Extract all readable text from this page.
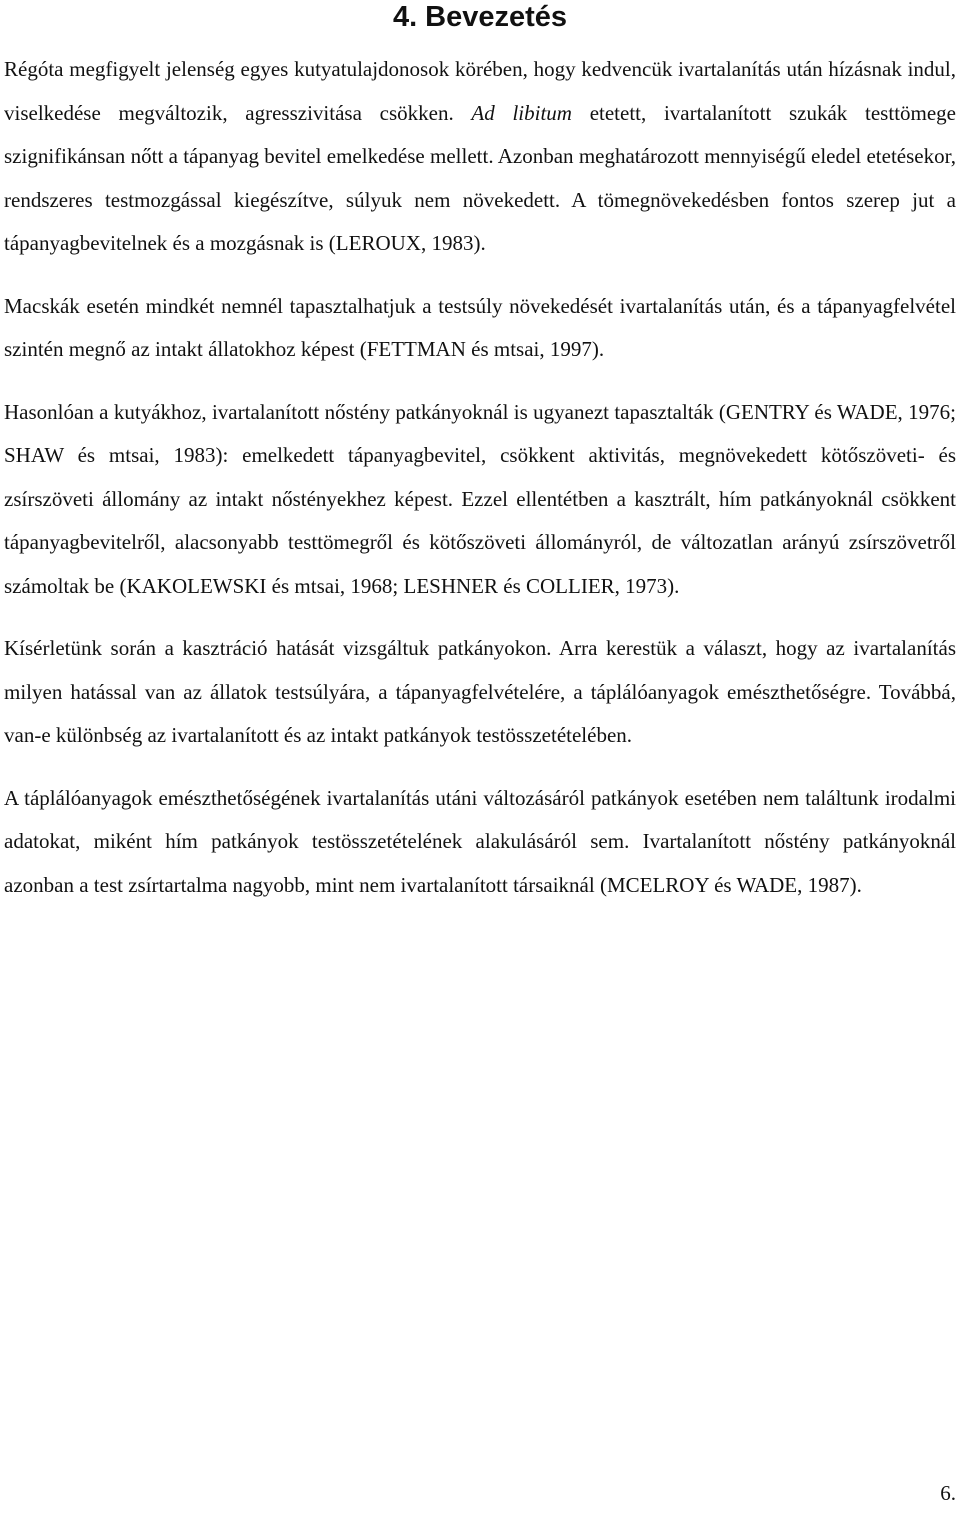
4. Bevezetés

Régóta megfigyelt jelenség egyes kutyatulajdonosok körében, hogy kedvencük ivartalanítás után hízásnak indul, viselkedése megváltozik, agresszivitása csökken. Ad libitum etetett, ivartalanított szukák testtömege szignifikánsan nőtt a tápanyag bevitel emelkedése mellett. Azonban meghatározott mennyiségű eledel etetésekor, rendszeres testmozgással kiegészítve, súlyuk nem növekedett. A tömegnövekedésben fontos szerep jut a tápanyagbevitelnek és a mozgásnak is (LEROUX, 1983).

Macskák esetén mindkét nemnél tapasztalhatjuk a testsúly növekedését ivartalanítás után, és a tápanyagfelvétel szintén megnő az intakt állatokhoz képest (FETTMAN és mtsai, 1997).

Hasonlóan a kutyákhoz, ivartalanított nőstény patkányoknál is ugyanezt tapasztalták (GENTRY és WADE, 1976; SHAW és mtsai, 1983): emelkedett tápanyagbevitel, csökkent aktivitás, megnövekedett kötőszöveti- és zsírszöveti állomány az intakt nőstényekhez képest. Ezzel ellentétben a kasztrált, hím patkányoknál csökkent tápanyagbevitelről, alacsonyabb testtömegről és kötőszöveti állományról, de változatlan arányú zsírszövetről számoltak be (KAKOLEWSKI és mtsai, 1968; LESHNER és COLLIER, 1973).

Kísérletünk során a kasztráció hatását vizsgáltuk patkányokon. Arra kerestük a választ, hogy az ivartalanítás milyen hatással van az állatok testsúlyára, a tápanyagfelvételére, a táplálóanyagok emészthetőségre. Továbbá, van-e különbség az ivartalanított és az intakt patkányok testösszetételében.

A táplálóanyagok emészthetőségének ivartalanítás utáni változásáról patkányok esetében nem találtunk irodalmi adatokat, miként hím patkányok testösszetételének alakulásáról sem. Ivartalanított nőstény patkányoknál azonban a test zsírtartalma nagyobb, mint nem ivartalanított társaiknál (MCELROY és WADE, 1987).

6.
